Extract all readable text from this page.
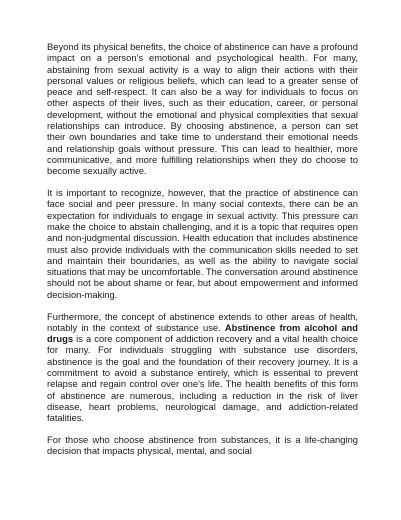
Beyond its physical benefits, the choice of abstinence can have a profound impact on a person’s emotional and psychological health. For many, abstaining from sexual activity is a way to align their actions with their personal values or religious beliefs, which can lead to a greater sense of peace and self-respect. It can also be a way for individuals to focus on other aspects of their lives, such as their education, career, or personal development, without the emotional and physical complexities that sexual relationships can introduce. By choosing abstinence, a person can set their own boundaries and take time to understand their emotional needs and relationship goals without pressure. This can lead to healthier, more communicative, and more fulfilling relationships when they do choose to become sexually active.

It is important to recognize, however, that the practice of abstinence can face social and peer pressure. In many social contexts, there can be an expectation for individuals to engage in sexual activity. This pressure can make the choice to abstain challenging, and it is a topic that requires open and non-judgmental discussion. Health education that includes abstinence must also provide individuals with the communication skills needed to set and maintain their boundaries, as well as the ability to navigate social situations that may be uncomfortable. The conversation around abstinence should not be about shame or fear, but about empowerment and informed decision-making.

Furthermore, the concept of abstinence extends to other areas of health, notably in the context of substance use. Abstinence from alcohol and drugs is a core component of addiction recovery and a vital health choice for many. For individuals struggling with substance use disorders, abstinence is the goal and the foundation of their recovery journey. It is a commitment to avoid a substance entirely, which is essential to prevent relapse and regain control over one's life. The health benefits of this form of abstinence are numerous, including a reduction in the risk of liver disease, heart problems, neurological damage, and addiction-related fatalities.

For those who choose abstinence from substances, it is a life-changing decision that impacts physical, mental, and social
